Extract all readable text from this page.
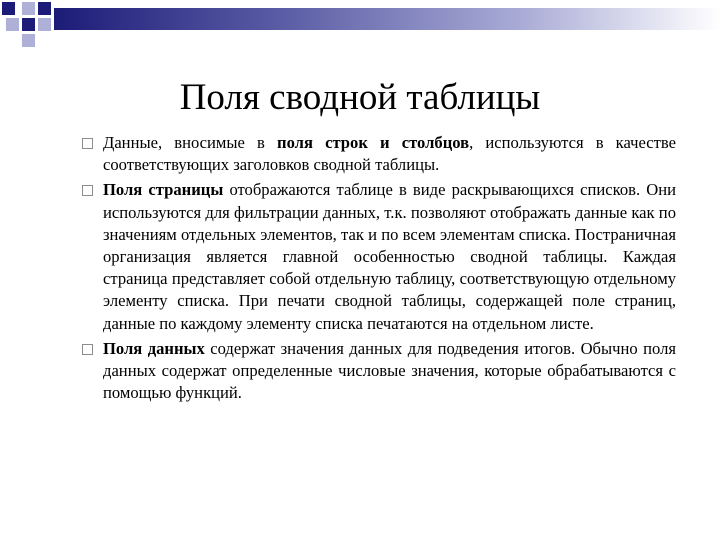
Поля сводной таблицы
Данные, вносимые в поля строк и столбцов, используются в качестве соответствующих заголовков сводной таблицы.
Поля страницы отображаются таблице в виде раскрывающихся списков. Они используются для фильтрации данных, т.к. позволяют отображать данные как по значениям отдельных элементов, так и по всем элементам списка. Постраничная организация является главной особенностью сводной таблицы. Каждая страница представляет собой отдельную таблицу, соответствующую отдельному элементу списка. При печати сводной таблицы, содержащей поле страниц, данные по каждому элементу списка печатаются на отдельном листе.
Поля данных содержат значения данных для подведения итогов. Обычно поля данных содержат определенные числовые значения, которые обрабатываются с помощью функций.
